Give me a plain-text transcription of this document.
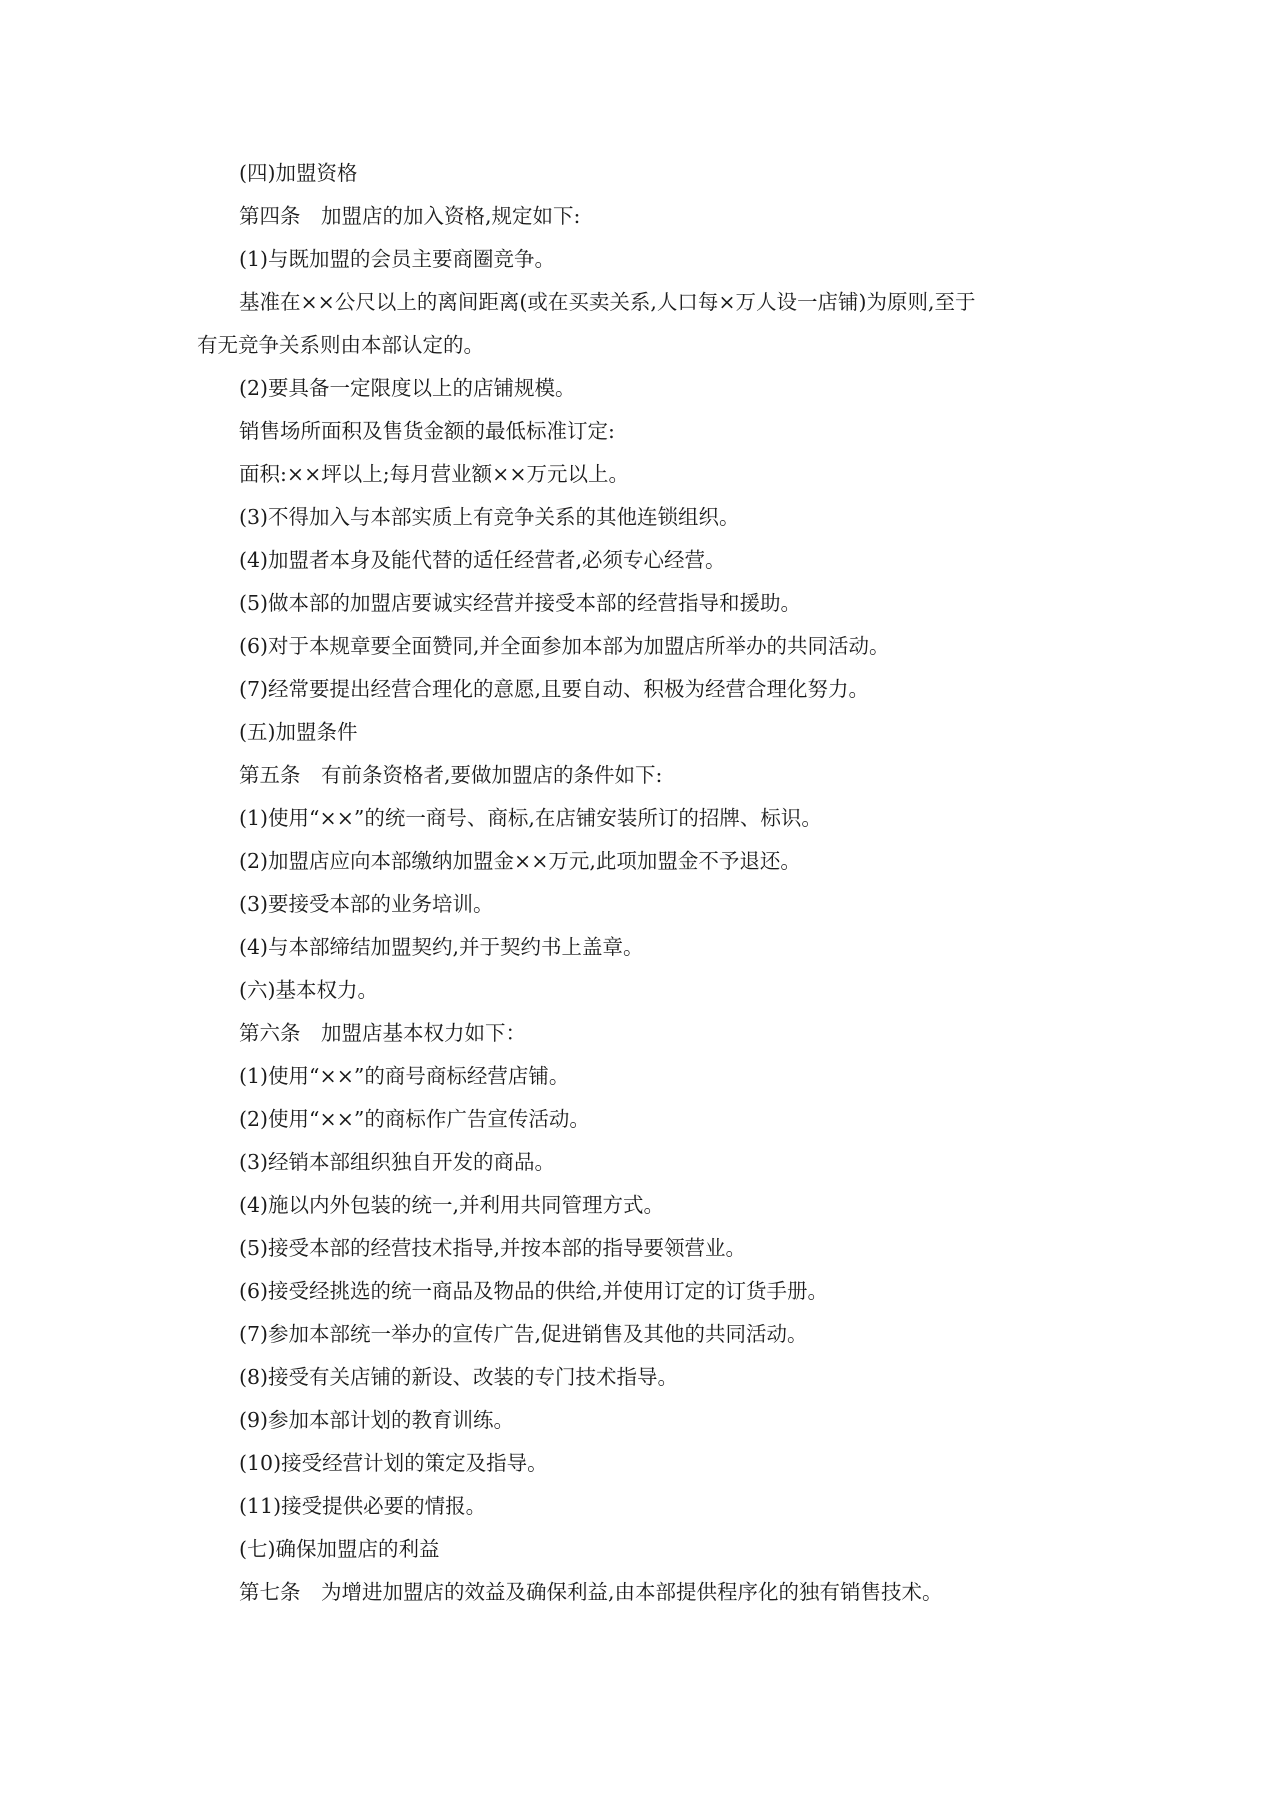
(四)加盟资格

第四条　加盟店的加入资格,规定如下:

(1)与既加盟的会员主要商圈竞争。

基准在××公尺以上的离间距离(或在买卖关系,人口每×万人设一店铺)为原则,至于

有无竞争关系则由本部认定的。

(2)要具备一定限度以上的店铺规模。

销售场所面积及售货金额的最低标准订定:

面积:××坪以上;每月营业额××万元以上。

(3)不得加入与本部实质上有竞争关系的其他连锁组织。

(4)加盟者本身及能代替的适任经营者,必须专心经营。

(5)做本部的加盟店要诚实经营并接受本部的经营指导和援助。

(6)对于本规章要全面赞同,并全面参加本部为加盟店所举办的共同活动。

(7)经常要提出经营合理化的意愿,且要自动、积极为经营合理化努力。

(五)加盟条件

第五条　有前条资格者,要做加盟店的条件如下:

(1)使用“××”的统一商号、商标,在店铺安装所订的招牌、标识。

(2)加盟店应向本部缴纳加盟金××万元,此项加盟金不予退还。

(3)要接受本部的业务培训。

(4)与本部缔结加盟契约,并于契约书上盖章。

(六)基本权力。

第六条　加盟店基本权力如下：

(1)使用“××”的商号商标经营店铺。

(2)使用“××”的商标作广告宣传活动。

(3)经销本部组织独自开发的商品。

(4)施以内外包装的统一,并利用共同管理方式。

(5)接受本部的经营技术指导,并按本部的指导要领营业。

(6)接受经挑选的统一商品及物品的供给,并使用订定的订货手册。

(7)参加本部统一举办的宣传广告,促进销售及其他的共同活动。

(8)接受有关店铺的新设、改装的专门技术指导。

(9)参加本部计划的教育训练。

(10)接受经营计划的策定及指导。

(11)接受提供必要的情报。

(七)确保加盟店的利益

第七条　为增进加盟店的效益及确保利益,由本部提供程序化的独有销售技术。
